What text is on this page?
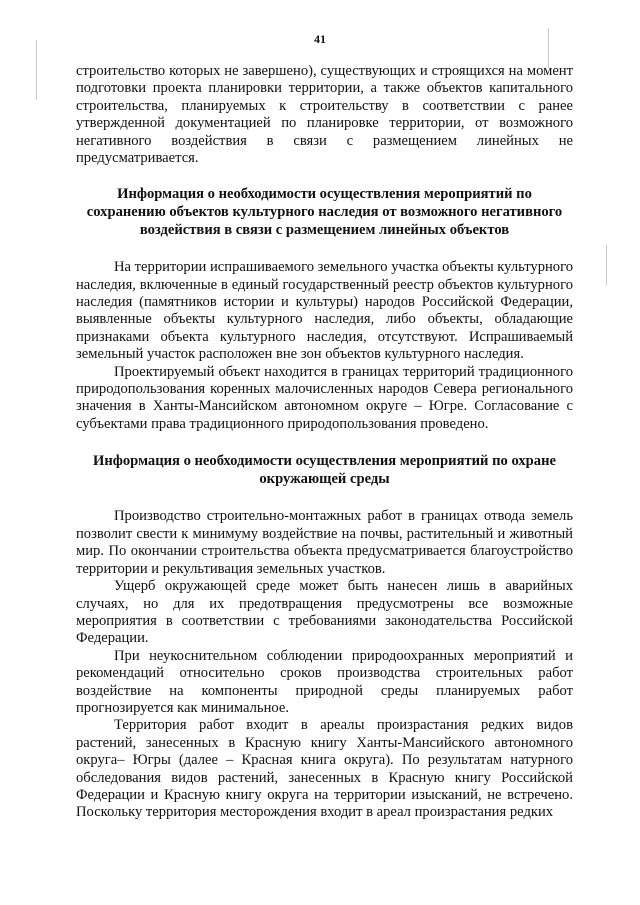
41

строительство которых не завершено), существующих и строящихся на момент подготовки проекта планировки территории, а также объектов капитального строительства, планируемых к строительству в соответствии с ранее утвержденной документацией по планировке территории, от возможного негативного воздействия в связи с размещением линейных не предусматривается.

Информация о необходимости осуществления мероприятий по сохранению объектов культурного наследия от возможного негативного воздействия в связи с размещением линейных объектов

На территории испрашиваемого земельного участка объекты культурного наследия, включенные в единый государственный реестр объектов культурного наследия (памятников истории и культуры) народов Российской Федерации, выявленные объекты культурного наследия, либо объекты, обладающие признаками объекта культурного наследия, отсутствуют. Испрашиваемый земельный участок расположен вне зон объектов культурного наследия.

Проектируемый объект находится в границах территорий традиционного природопользования коренных малочисленных народов Севера регионального значения в Ханты-Мансийском автономном округе – Югре. Согласование с субъектами права традиционного природопользования проведено.

Информация о необходимости осуществления мероприятий по охране окружающей среды

Производство строительно-монтажных работ в границах отвода земель позволит свести к минимуму воздействие на почвы, растительный и животный мир. По окончании строительства объекта предусматривается благоустройство территории и рекультивация земельных участков.

Ущерб окружающей среде может быть нанесен лишь в аварийных случаях, но для их предотвращения предусмотрены все возможные мероприятия в соответствии с требованиями законодательства Российской Федерации.

При неукоснительном соблюдении природоохранных мероприятий и рекомендаций относительно сроков производства строительных работ воздействие на компоненты природной среды планируемых работ прогнозируется как минимальное.

Территория работ входит в ареалы произрастания редких видов растений, занесенных в Красную книгу Ханты-Мансийского автономного округа– Югры (далее – Красная книга округа). По результатам натурного обследования видов растений, занесенных в Красную книгу Российской Федерации и Красную книгу округа на территории изысканий, не встречено. Поскольку территория месторождения входит в ареал произрастания редких
